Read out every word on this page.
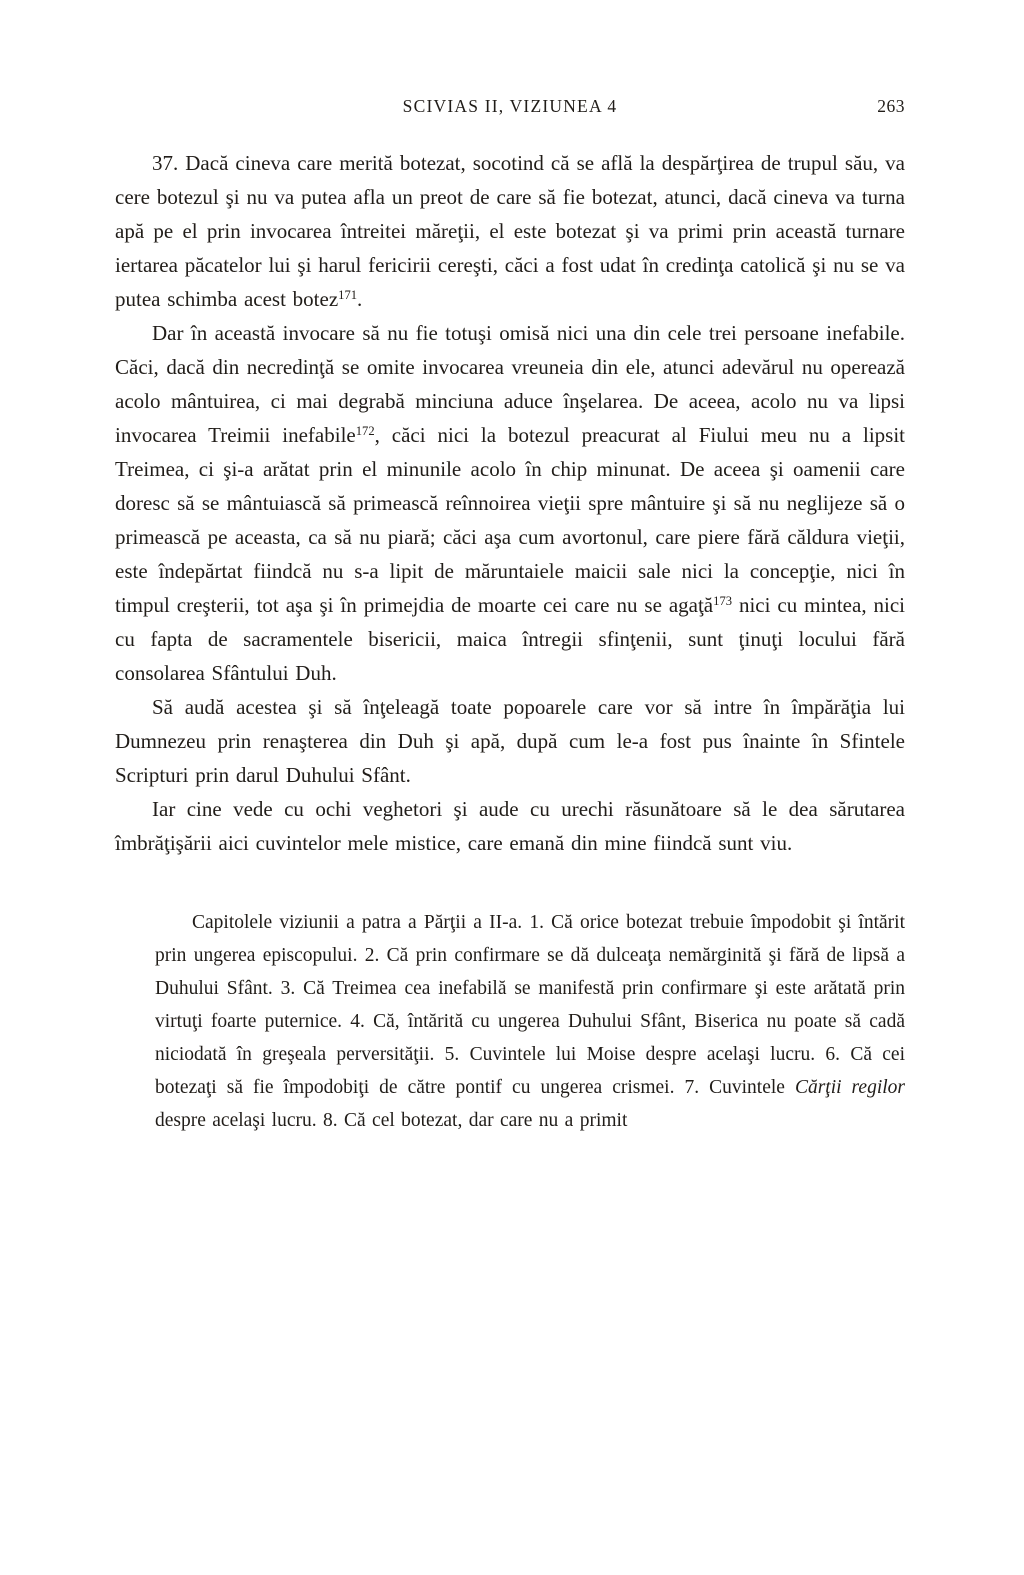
SCIVIAS II, VIZIUNEA 4	263

37. Dacă cineva care merită botezat, socotind că se află la despărţirea de trupul său, va cere botezul şi nu va putea afla un preot de care să fie botezat, atunci, dacă cineva va turna apă pe el prin invocarea întreitei măreţii, el este botezat şi va primi prin această turnare iertarea păcatelor lui şi harul fericirii cereşti, căci a fost udat în credinţa catolică şi nu se va putea schimba acest botez$^{171}$.

Dar în această invocare să nu fie totuşi omisă nici una din cele trei persoane inefabile. Căci, dacă din necredinţă se omite invocarea vreuneia din ele, atunci adevărul nu operează acolo mântuirea, ci mai degrabă minciuna aduce înşelarea. De aceea, acolo nu va lipsi invocarea Treimii inefabile$^{172}$, căci nici la botezul preacurat al Fiului meu nu a lipsit Treimea, ci şi-a arătat prin el minunile acolo în chip minunat. De aceea şi oamenii care doresc să se mântuiască să primească reînnoirea vieţii spre mântuire şi să nu neglijeze să o primească pe aceasta, ca să nu piară; căci aşa cum avortonul, care piere fără căldura vieţii, este îndepărtat fiindcă nu s-a lipit de măruntaiele maicii sale nici la concepţie, nici în timpul creşterii, tot aşa şi în primejdia de moarte cei care nu se agaţă$^{173}$ nici cu mintea, nici cu fapta de sacramentele bisericii, maica întregii sfinţenii, sunt ţinuţi locului fără consolarea Sfântului Duh.

Să audă acestea şi să înţeleagă toate popoarele care vor să intre în împărăţia lui Dumnezeu prin renaşterea din Duh şi apă, după cum le-a fost pus înainte în Sfintele Scripturi prin darul Duhului Sfânt.

Iar cine vede cu ochi veghetori şi aude cu urechi răsunătoare să le dea sărutarea îmbrăţişării aici cuvintelor mele mistice, care emană din mine fiindcă sunt viu.

Capitolele viziunii a patra a Părţii a II-a. 1. Că orice botezat trebuie împodobit şi întărit prin ungerea episcopului. 2. Că prin confirmare se dă dulceaţa nemărginită şi fără de lipsă a Duhului Sfânt. 3. Că Treimea cea inefabilă se manifestă prin confirmare şi este arătată prin virtuţi foarte puternice. 4. Că, întărită cu ungerea Duhului Sfânt, Biserica nu poate să cadă niciodată în greşeala perversităţii. 5. Cuvintele lui Moise despre acelaşi lucru. 6. Că cei botezaţi să fie împodobiţi de către pontif cu ungerea crismei. 7. Cuvintele Cărţii regilor despre acelaşi lucru. 8. Că cel botezat, dar care nu a primit
